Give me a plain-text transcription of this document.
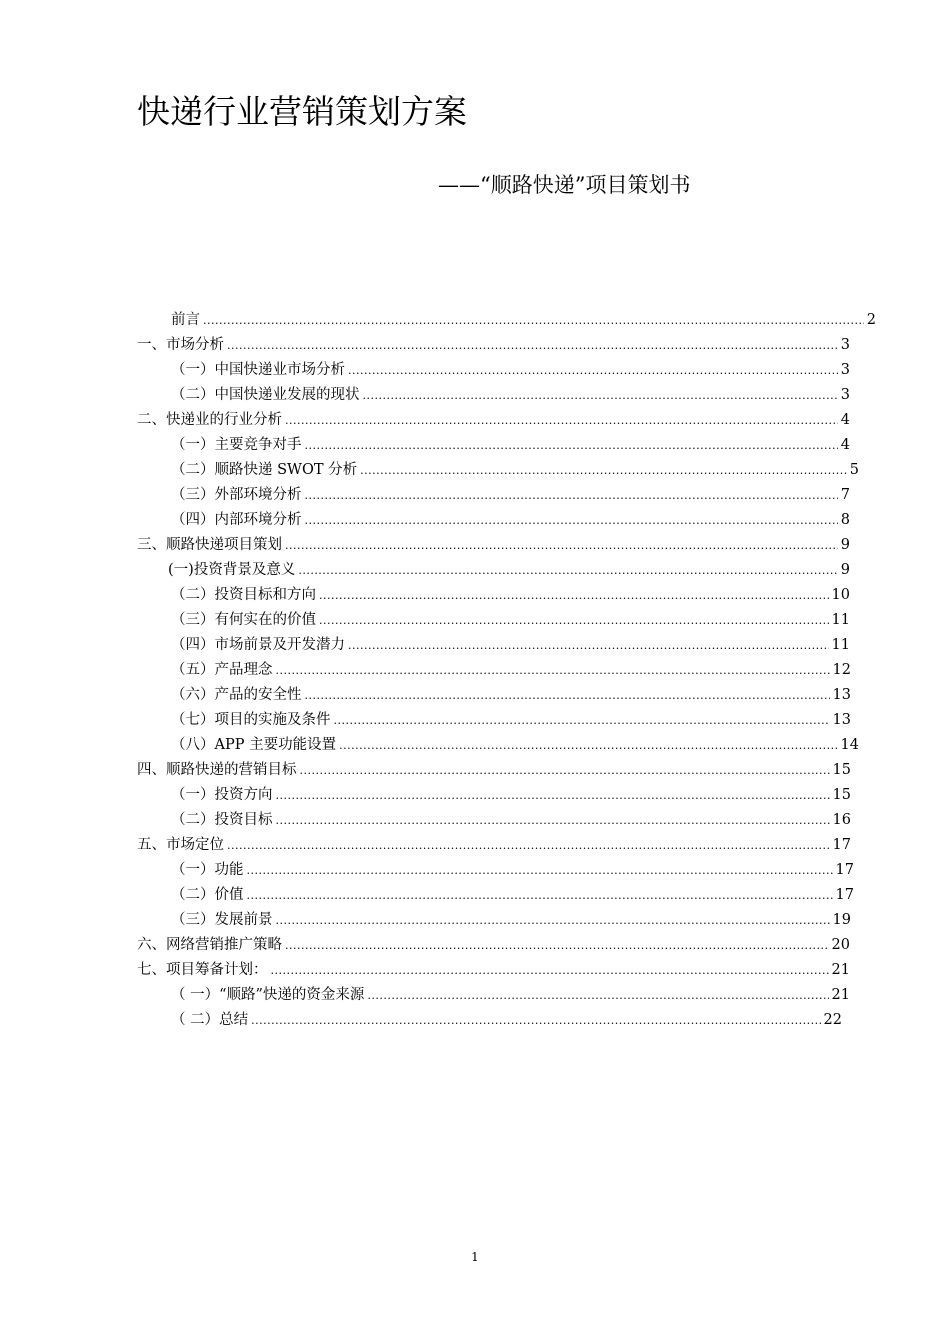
快递行业营销策划方案
——“顺路快递”项目策划书
前言 .....	2
一、市场分析 .....	3
（一）中国快递业市场分析 .....	3
（二）中国快递业发展的现状 .....	3
二、快递业的行业分析 .....	4
（一）主要竞争对手 .....	4
（二）顺路快递 SWOT 分析 .....	5
（三）外部环境分析 .....	7
（四）内部环境分析 .....	8
三、顺路快递项目策划 .....	9
(一)投资背景及意义 .....	9
（二）投资目标和方向 .....	10
（三）有何实在的价值 .....	11
（四）市场前景及开发潜力 .....	11
（五）产品理念 .....	12
（六）产品的安全性 .....	13
（七）项目的实施及条件 .....	13
（八）APP 主要功能设置 .....	14
四、顺路快递的营销目标 .....	15
（一）投资方向 .....	15
（二）投资目标 .....	16
五、市场定位 .....	17
（一）功能 .....	17
（二）价值 .....	17
（三）发展前景 .....	19
六、网络营销推广策略 .....	20
七、项目筹备计划： .....	21
（ 一）“顺路”快递的资金来源 .....	21
（ 二）总结 .....	22
1
